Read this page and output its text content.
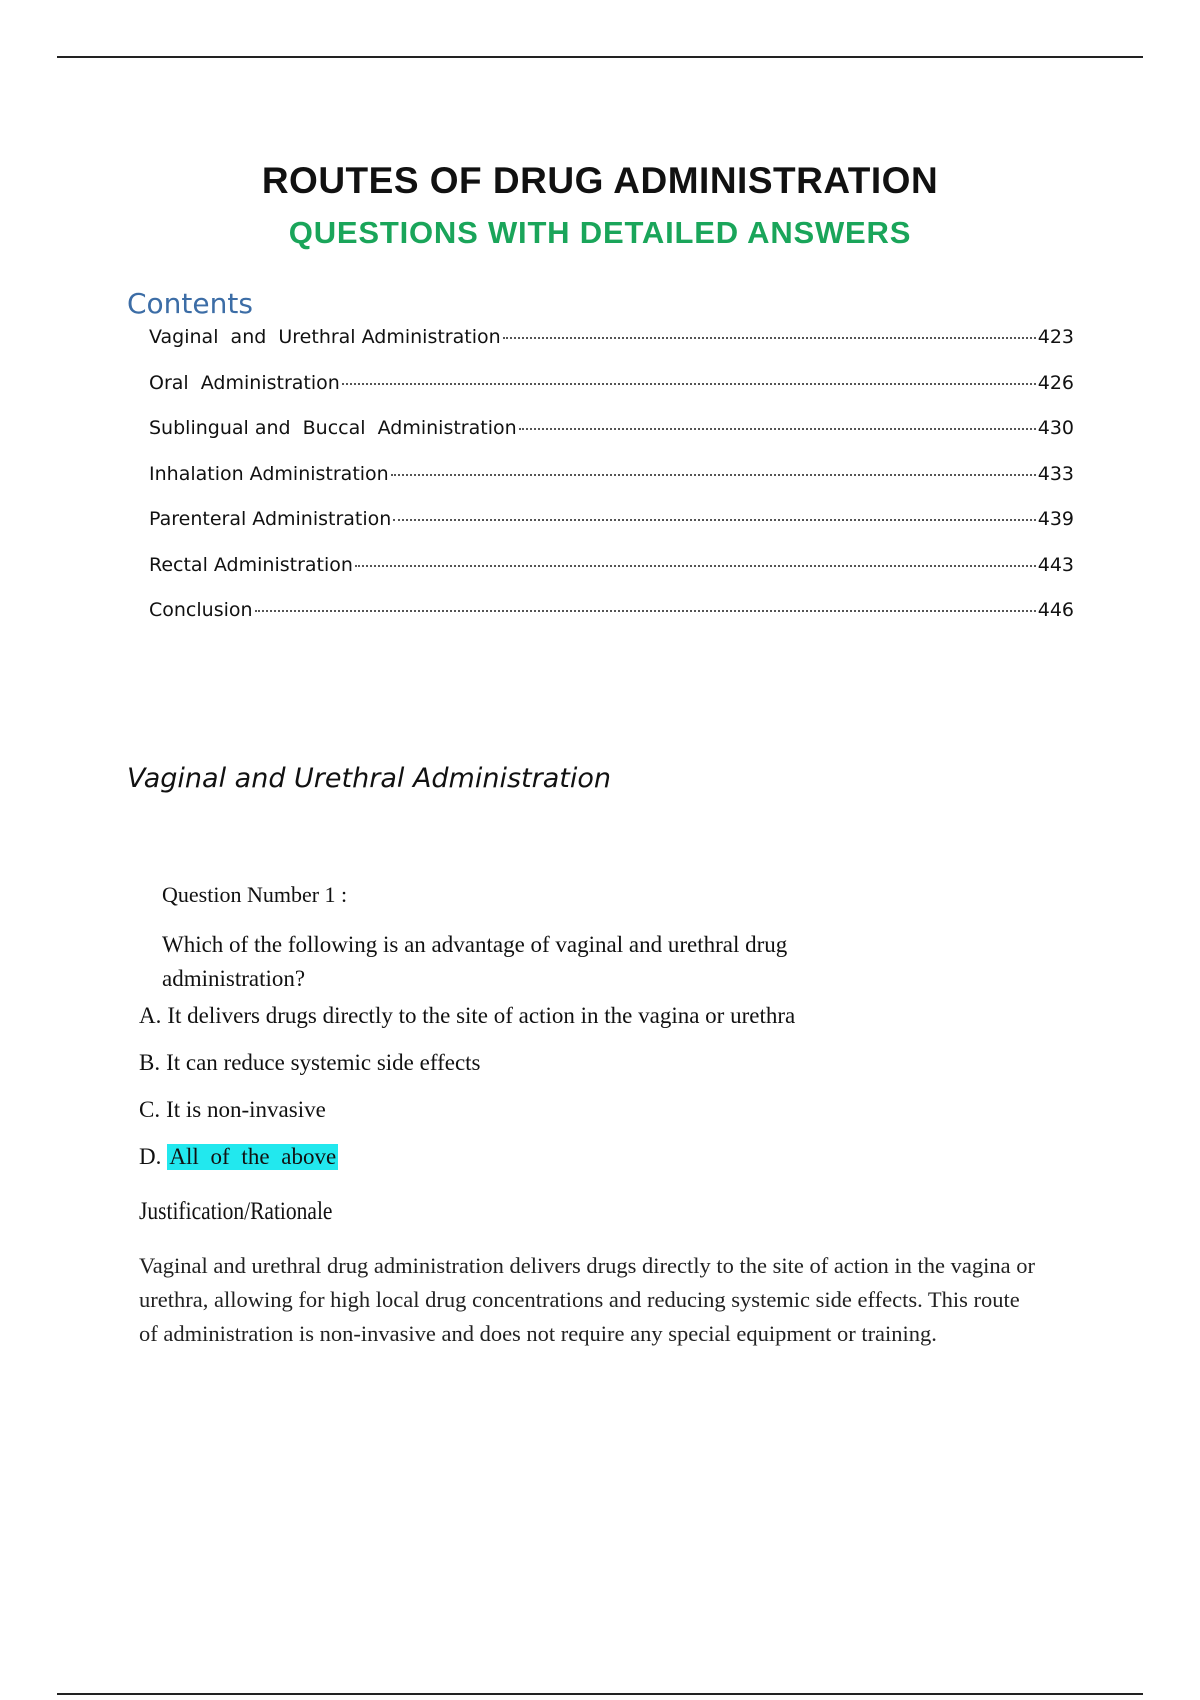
ROUTES OF DRUG ADMINISTRATION
QUESTIONS WITH DETAILED ANSWERS
Contents
Vaginal  and  Urethral Administration	423
Oral  Administration	426
Sublingual and  Buccal  Administration	430
Inhalation Administration	433
Parenteral Administration	439
Rectal Administration	443
Conclusion	446
Vaginal and Urethral Administration
Question Number 1 :

Which of the following is an advantage of vaginal and urethral drug administration?

A. It delivers drugs directly to the site of action in the vagina or urethra
B. It can reduce systemic side effects
C. It is non-invasive
D. All of the above
Justification/Rationale

Vaginal and urethral drug administration delivers drugs directly to the site of action in the vagina or urethra, allowing for high local drug concentrations and reducing systemic side effects. This route of administration is non-invasive and does not require any special equipment or training.
